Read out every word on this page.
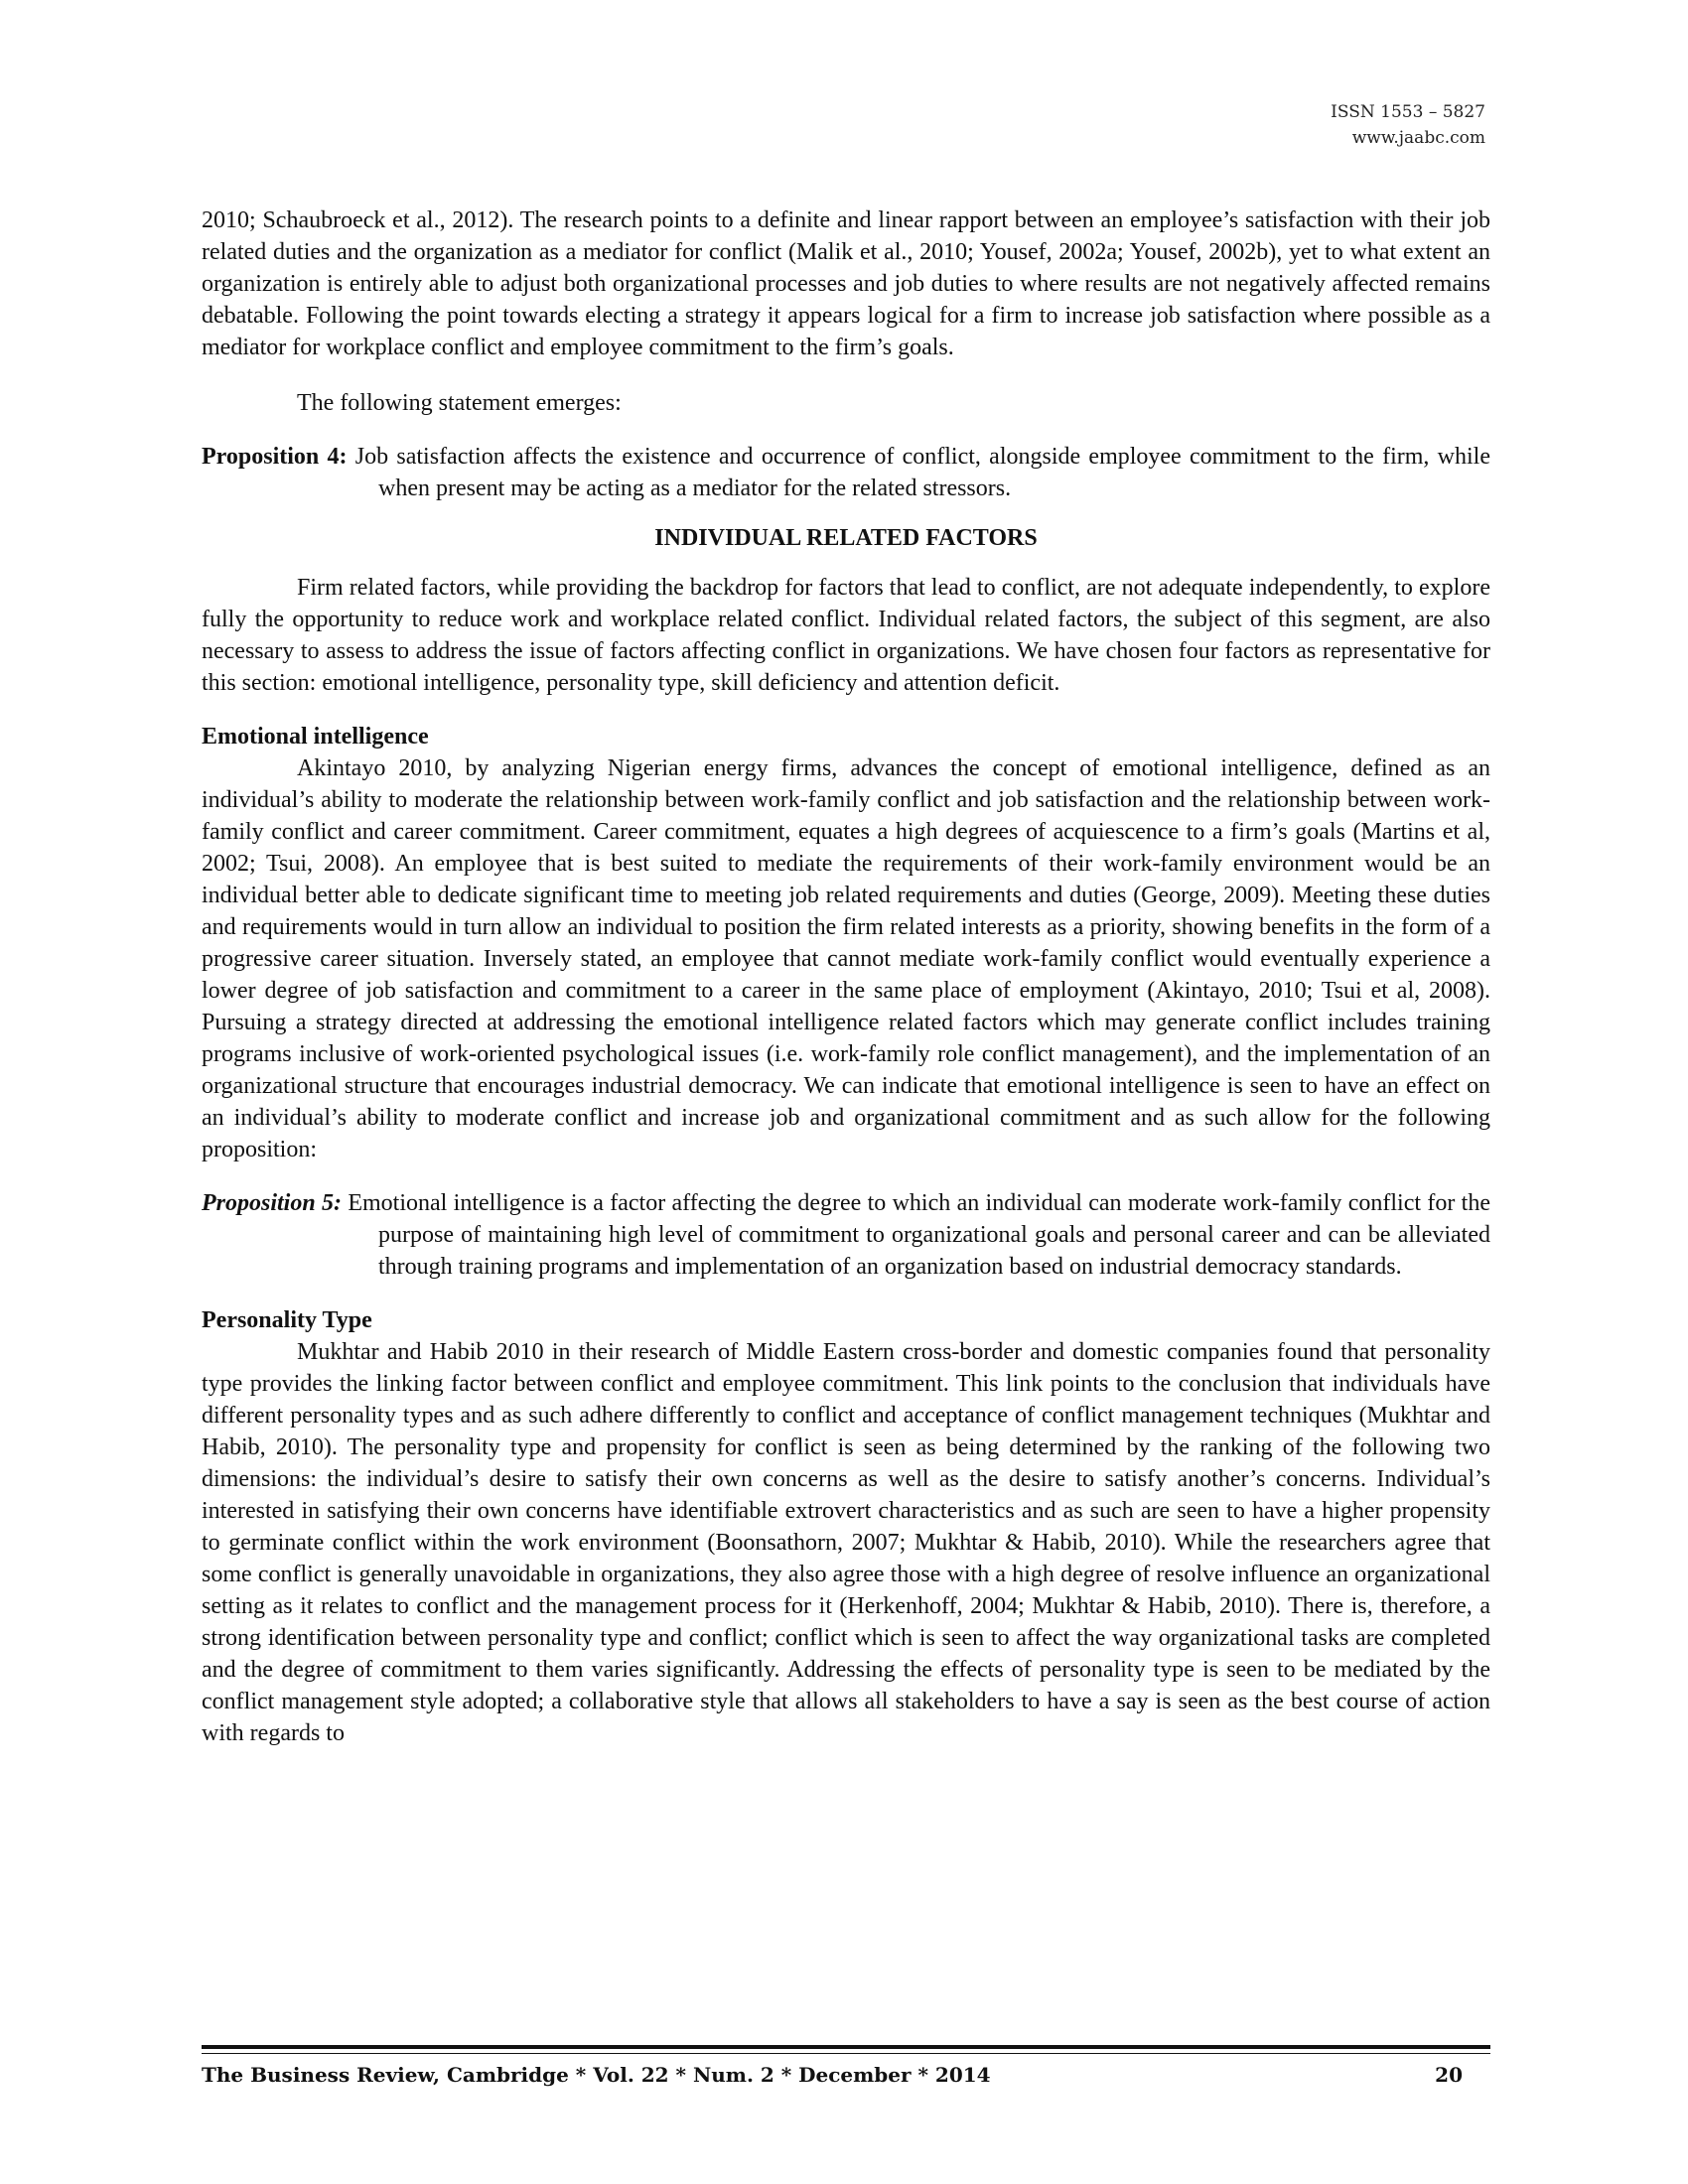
ISSN 1553 – 5827
www.jaabc.com

2010; Schaubroeck et al., 2012). The research points to a definite and linear rapport between an employee’s satisfaction with their job related duties and the organization as a mediator for conflict (Malik et al., 2010; Yousef, 2002a; Yousef, 2002b), yet to what extent an organization is entirely able to adjust both organizational processes and job duties to where results are not negatively affected remains debatable. Following the point towards electing a strategy it appears logical for a firm to increase job satisfaction where possible as a mediator for workplace conflict and employee commitment to the firm’s goals.

The following statement emerges:

Proposition 4: Job satisfaction affects the existence and occurrence of conflict, alongside employee commitment to the firm, while when present may be acting as a mediator for the related stressors.

INDIVIDUAL RELATED FACTORS

Firm related factors, while providing the backdrop for factors that lead to conflict, are not adequate independently, to explore fully the opportunity to reduce work and workplace related conflict. Individual related factors, the subject of this segment, are also necessary to assess to address the issue of factors affecting conflict in organizations. We have chosen four factors as representative for this section: emotional intelligence, personality type, skill deficiency and attention deficit.

Emotional intelligence

Akintayo 2010, by analyzing Nigerian energy firms, advances the concept of emotional intelligence, defined as an individual’s ability to moderate the relationship between work-family conflict and job satisfaction and the relationship between work-family conflict and career commitment. Career commitment, equates a high degrees of acquiescence to a firm’s goals (Martins et al, 2002; Tsui, 2008). An employee that is best suited to mediate the requirements of their work-family environment would be an individual better able to dedicate significant time to meeting job related requirements and duties (George, 2009). Meeting these duties and requirements would in turn allow an individual to position the firm related interests as a priority, showing benefits in the form of a progressive career situation. Inversely stated, an employee that cannot mediate work-family conflict would eventually experience a lower degree of job satisfaction and commitment to a career in the same place of employment (Akintayo, 2010; Tsui et al, 2008). Pursuing a strategy directed at addressing the emotional intelligence related factors which may generate conflict includes training programs inclusive of work-oriented psychological issues (i.e. work-family role conflict management), and the implementation of an organizational structure that encourages industrial democracy. We can indicate that emotional intelligence is seen to have an effect on an individual’s ability to moderate conflict and increase job and organizational commitment and as such allow for the following proposition:

Proposition 5: Emotional intelligence is a factor affecting the degree to which an individual can moderate work-family conflict for the purpose of maintaining high level of commitment to organizational goals and personal career and can be alleviated through training programs and implementation of an organization based on industrial democracy standards.

Personality Type

Mukhtar and Habib 2010 in their research of Middle Eastern cross-border and domestic companies found that personality type provides the linking factor between conflict and employee commitment. This link points to the conclusion that individuals have different personality types and as such adhere differently to conflict and acceptance of conflict management techniques (Mukhtar and Habib, 2010). The personality type and propensity for conflict is seen as being determined by the ranking of the following two dimensions: the individual’s desire to satisfy their own concerns as well as the desire to satisfy another’s concerns. Individual’s interested in satisfying their own concerns have identifiable extrovert characteristics and as such are seen to have a higher propensity to germinate conflict within the work environment (Boonsathorn, 2007; Mukhtar & Habib, 2010). While the researchers agree that some conflict is generally unavoidable in organizations, they also agree those with a high degree of resolve influence an organizational setting as it relates to conflict and the management process for it (Herkenhoff, 2004; Mukhtar & Habib, 2010). There is, therefore, a strong identification between personality type and conflict; conflict which is seen to affect the way organizational tasks are completed and the degree of commitment to them varies significantly. Addressing the effects of personality type is seen to be mediated by the conflict management style adopted; a collaborative style that allows all stakeholders to have a say is seen as the best course of action with regards to

The Business Review, Cambridge * Vol. 22 * Num. 2 * December * 2014	20
